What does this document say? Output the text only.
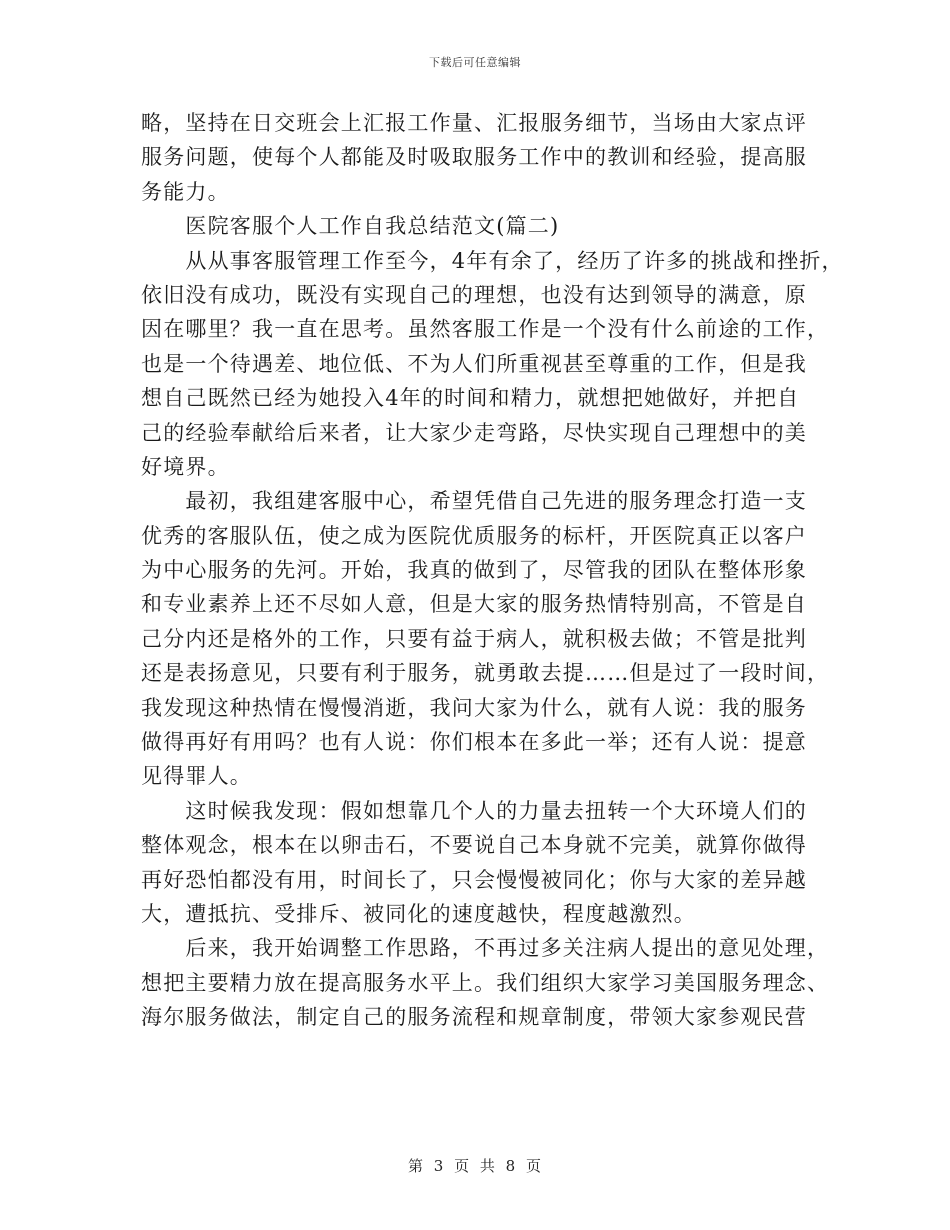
下载后可任意编辑
略，坚持在日交班会上汇报工作量、汇报服务细节，当场由大家点评
服务问题，使每个人都能及时吸取服务工作中的教训和经验，提高服
务能力。
　　医院客服个人工作自我总结范文(篇二)
　　从从事客服管理工作至今，4年有余了，经历了许多的挑战和挫折，
依旧没有成功，既没有实现自己的理想，也没有达到领导的满意，原
因在哪里？我一直在思考。虽然客服工作是一个没有什么前途的工作，
也是一个待遇差、地位低、不为人们所重视甚至尊重的工作，但是我
想自己既然已经为她投入4年的时间和精力，就想把她做好，并把自
己的经验奉献给后来者，让大家少走弯路，尽快实现自己理想中的美
好境界。
　　最初，我组建客服中心，希望凭借自己先进的服务理念打造一支
优秀的客服队伍，使之成为医院优质服务的标杆，开医院真正以客户
为中心服务的先河。开始，我真的做到了，尽管我的团队在整体形象
和专业素养上还不尽如人意，但是大家的服务热情特别高，不管是自
己分内还是格外的工作，只要有益于病人，就积极去做；不管是批判
还是表扬意见，只要有利于服务，就勇敢去提……但是过了一段时间，
我发现这种热情在慢慢消逝，我问大家为什么，就有人说：我的服务
做得再好有用吗？也有人说：你们根本在多此一举；还有人说：提意
见得罪人。
　　这时候我发现：假如想靠几个人的力量去扭转一个大环境人们的
整体观念，根本在以卵击石，不要说自己本身就不完美，就算你做得
再好恐怕都没有用，时间长了，只会慢慢被同化；你与大家的差异越
大，遭抵抗、受排斥、被同化的速度越快，程度越激烈。
　　后来，我开始调整工作思路，不再过多关注病人提出的意见处理，
想把主要精力放在提高服务水平上。我们组织大家学习美国服务理念、
海尔服务做法，制定自己的服务流程和规章制度，带领大家参观民营
第 3 页 共 8 页
